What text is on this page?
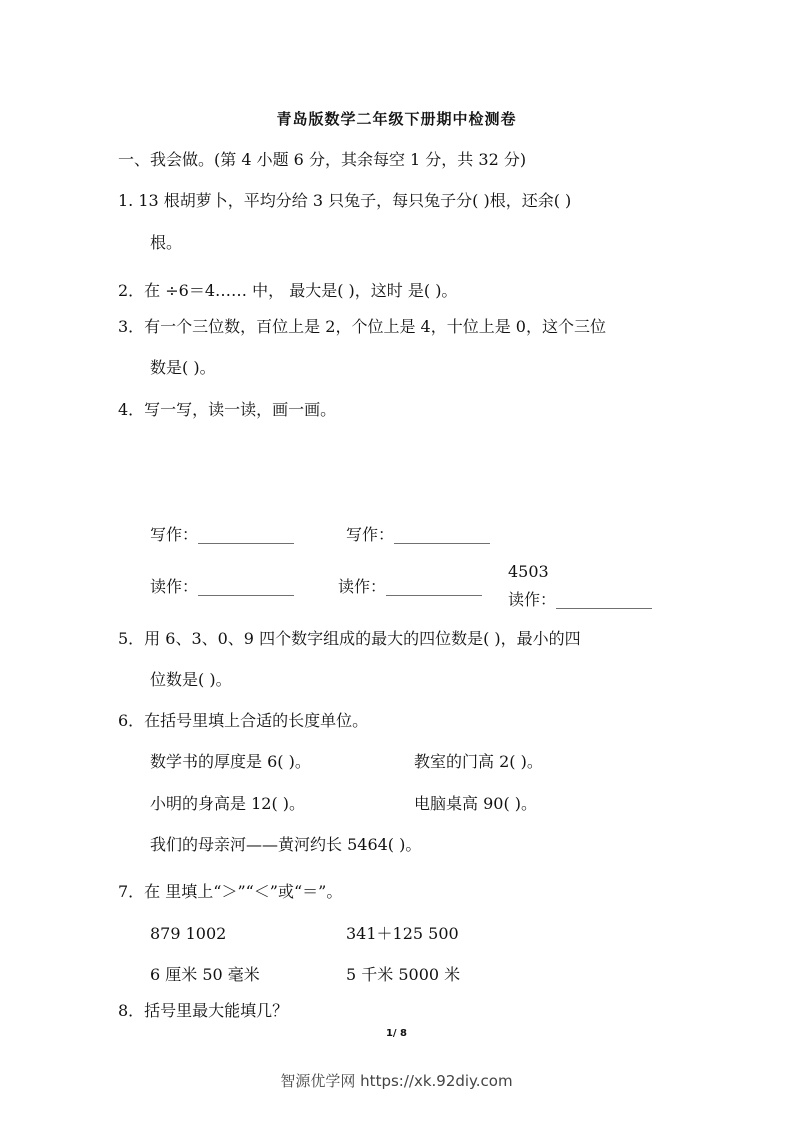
青岛版数学二年级下册期中检测卷
一、我会做。(第 4 小题 6 分，其余每空 1 分，共 32 分)
1. 13 根胡萝卜，平均分给 3 只兔子，每只兔子分( )根，还余( )
根。
2．在 ÷6＝4…… 中， 最大是( )，这时 是( )。
3．有一个三位数，百位上是 2，个位上是 4，十位上是 0，这个三位
数是( )。
4．写一写，读一读，画一画。
写作：____________	写作：____________
读作：____________	读作：____________
4503
读作：____________
5．用 6、3、0、9 四个数字组成的最大的四位数是( )，最小的四
位数是( )。
6．在括号里填上合适的长度单位。
数学书的厚度是 6( )。	教室的门高 2( )。
小明的身高是 12( )。	电脑桌高 90( )。
我们的母亲河——黄河约长 5464( )。
7．在 里填上“＞”“＜”或“＝”。
879 1002	341＋125 500
6 厘米 50 毫米	5 千米 5000 米
8．括号里最大能填几？
1/ 8
智源优学网 https://xk.92diy.com
